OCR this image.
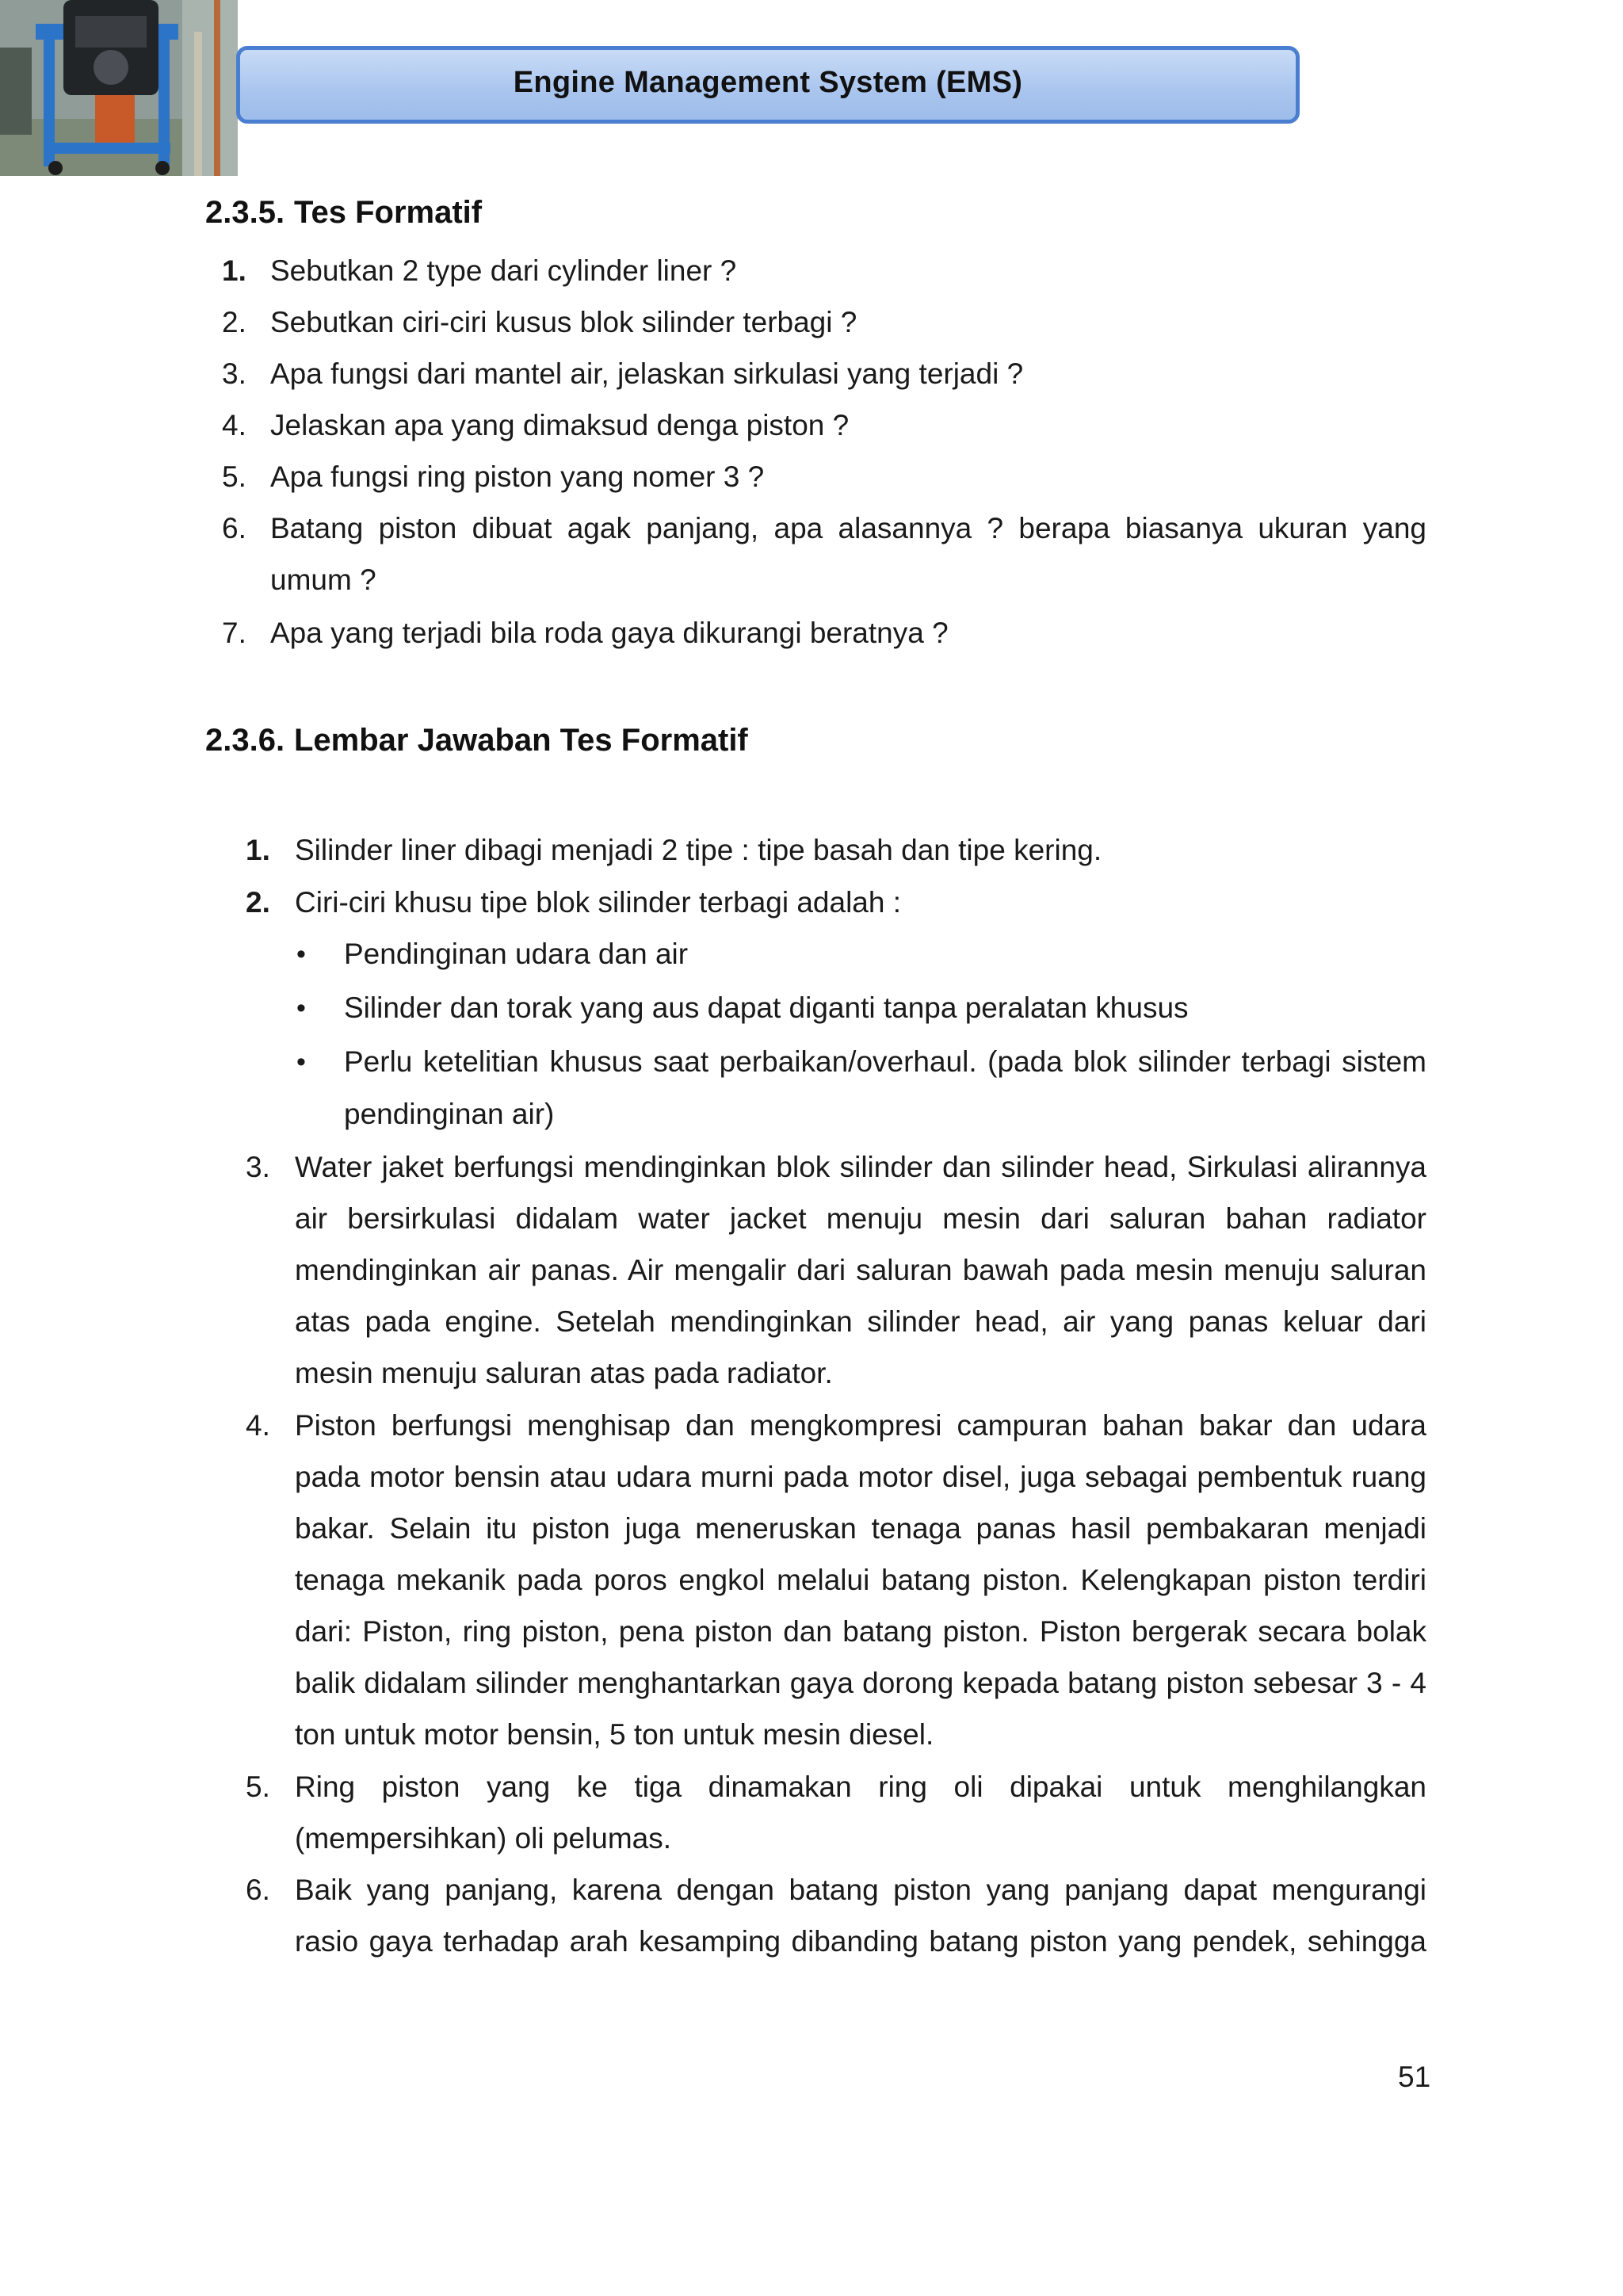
Engine Management System (EMS)
2.3.5. Tes Formatif
1. Sebutkan 2 type dari cylinder liner ?
2. Sebutkan ciri-ciri kusus blok silinder terbagi ?
3. Apa fungsi dari mantel air, jelaskan sirkulasi yang terjadi ?
4. Jelaskan apa yang dimaksud denga piston ?
5. Apa fungsi ring piston yang nomer 3 ?
6. Batang piston dibuat agak panjang, apa alasannya ? berapa biasanya ukuran yang umum ?
7. Apa yang terjadi bila roda gaya dikurangi beratnya ?
2.3.6. Lembar Jawaban Tes Formatif
1. Silinder liner dibagi menjadi 2 tipe : tipe basah dan tipe kering.
2. Ciri-ciri khusu tipe blok silinder terbagi adalah :
• Pendinginan udara dan air
• Silinder dan torak yang aus dapat diganti tanpa peralatan khusus
• Perlu ketelitian khusus saat perbaikan/overhaul. (pada blok silinder terbagi sistem pendinginan air)
3. Water jaket berfungsi mendinginkan blok silinder dan silinder head, Sirkulasi alirannya air bersirkulasi didalam water jacket menuju mesin dari saluran bahan radiator mendinginkan air panas. Air mengalir dari saluran bawah pada mesin menuju saluran atas pada engine. Setelah mendinginkan silinder head, air yang panas keluar dari mesin menuju saluran atas pada radiator.
4. Piston berfungsi menghisap dan mengkompresi campuran bahan bakar dan udara pada motor bensin atau udara murni pada motor disel, juga sebagai pembentuk ruang bakar. Selain itu piston juga meneruskan tenaga panas hasil pembakaran menjadi tenaga mekanik pada poros engkol melalui batang piston. Kelengkapan piston terdiri dari: Piston, ring piston, pena piston dan batang piston. Piston bergerak secara bolak balik didalam silinder menghantarkan gaya dorong kepada batang piston sebesar 3 - 4 ton untuk motor bensin, 5 ton untuk mesin diesel.
5. Ring piston yang ke tiga dinamakan ring oli dipakai untuk menghilangkan (mempersihkan) oli pelumas.
6. Baik yang panjang, karena dengan batang piston yang panjang dapat mengurangi rasio gaya terhadap arah kesamping dibanding batang piston yang pendek, sehingga
51
